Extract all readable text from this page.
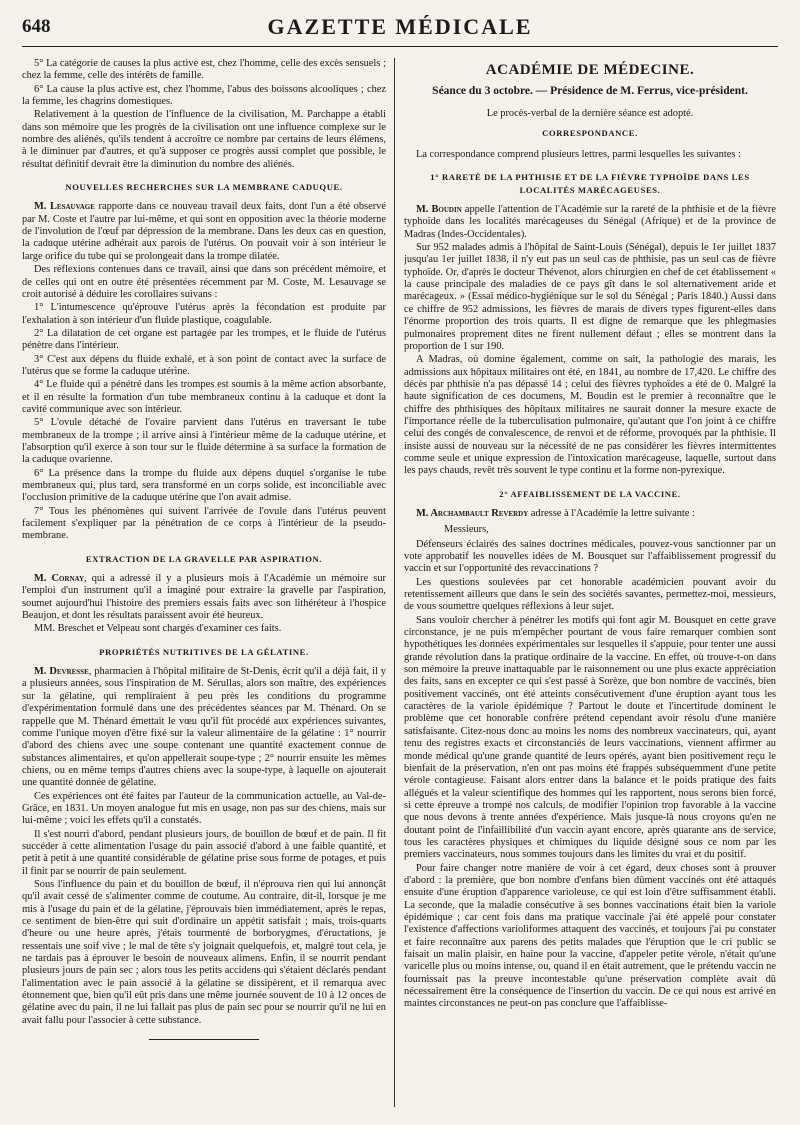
648	GAZETTE MÉDICALE

5° La catégorie de causes la plus active est, chez l'homme, celle des excès sensuels ; chez la femme, celle des intérêts de famille.

6° La cause la plus active est, chez l'homme, l'abus des boissons alcooliques ; chez la femme, les chagrins domestiques.

Relativement à la question de l'influence de la civilisation, M. Parchappe a établi dans son mémoire que les progrès de la civilisation ont une influence complexe sur le nombre des aliénés, qu'ils tendent à accroître ce nombre par certains de leurs élémens, à le diminuer par d'autres, et qu'à supposer ce progrès aussi complet que possible, le résultat définitif devrait être la diminution du nombre des aliénés.

NOUVELLES RECHERCHES SUR LA MEMBRANE CADUQUE.

M. Lesauvage rapporte dans ce nouveau travail deux faits, dont l'un a été observé par M. Coste et l'autre par lui-même, et qui sont en opposition avec la théorie moderne de l'involution de l'œuf par dépression de la membrane. Dans les deux cas en question, la caduque utérine adhérait aux parois de l'utérus. On pouvait voir à son intérieur le large orifice du tube qui se prolongeait dans la trompe dilatée.

Des réflexions contenues dans ce travail, ainsi que dans son précédent mémoire, et de celles qui ont en outre été présentées récemment par M. Coste, M. Lesauvage se croit autorisé à déduire les corollaires suivans :

1° L'intumescence qu'éprouve l'utérus après la fécondation est produite par l'exhalation à son intérieur d'un fluide plastique, coagulable.

2° La dilatation de cet organe est partagée par les trompes, et le fluide de l'utérus pénètre dans l'intérieur.

3° C'est aux dépens du fluide exhalé, et à son point de contact avec la surface de l'utérus que se forme la caduque utérine.

4° Le fluide qui a pénétré dans les trompes est soumis à la même action absorbante, et il en résulte la formation d'un tube membraneux continu à la caduque et dont la cavité communique avec son intérieur.

5° L'ovule détaché de l'ovaire parvient dans l'utérus en traversant le tube membraneux de la trompe ; il arrive ainsi à l'intérieur même de la caduque utérine, et l'absorption qu'il exerce à son tour sur le fluide détermine à sa surface la formation de la caduque ovarienne.

6° La présence dans la trompe du fluide aux dépens duquel s'organise le tube membraneux qui, plus tard, sera transformé en un corps solide, est inconciliable avec l'occlusion primitive de la caduque utérine que l'on avait admise.

7° Tous les phénomènes qui suivent l'arrivée de l'ovule dans l'utérus peuvent facilement s'expliquer par la pénétration de ce corps à l'intérieur de la pseudo-membrane.

EXTRACTION DE LA GRAVELLE PAR ASPIRATION.

M. Cornay, qui a adressé il y a plusieurs mois à l'Académie un mémoire sur l'emploi d'un instrument qu'il a imaginé pour extraire la gravelle par l'aspiration, soumet aujourd'hui l'histoire des premiers essais faits avec son lithéréteur à l'hospice Beaujon, et dont les résultats paraissent avoir été heureux.

MM. Breschet et Velpeau sont chargés d'examiner ces faits.

PROPRIÉTÉS NUTRITIVES DE LA GÉLATINE.

M. Devresse, pharmacien à l'hôpital militaire de St-Denis, écrit qu'il a déjà fait, il y a plusieurs années, sous l'inspiration de M. Sérullas, alors son maître, des expériences sur la gélatine, qui rempliraient à peu près les conditions du programme d'expérimentation formulé dans une des précédentes séances par M. Thénard. On se rappelle que M. Thénard émettait le vœu qu'il fût procédé aux expériences suivantes, comme l'unique moyen d'être fixé sur la valeur alimentaire de la gélatine : 1° nourrir d'abord des chiens avec une soupe contenant une quantité exactement connue de substances alimentaires, et qu'on appellerait soupe-type ; 2° nourrir ensuite les mêmes chiens, ou en même temps d'autres chiens avec la soupe-type, à laquelle on ajouterait une quantité donnée de gélatine.

Ces expériences ont été faites par l'auteur de la communication actuelle, au Val-de-Grâce, en 1831. Un moyen analogue fut mis en usage, non pas sur des chiens, mais sur lui-même ; voici les effets qu'il a constatés.

Il s'est nourri d'abord, pendant plusieurs jours, de bouillon de bœuf et de pain. Il fit succéder à cette alimentation l'usage du pain associé d'abord à une faible quantité, et petit à petit à une quantité considérable de gélatine prise sous forme de potages, et puis il finit par se nourrir de pain seulement.

Sous l'influence du pain et du bouillon de bœuf, il n'éprouva rien qui lui annonçât qu'il avait cessé de s'alimenter comme de coutume. Au contraire, dit-il, lorsque je me mis à l'usage du pain et de la gélatine, j'éprouvais bien immédiatement, après le repas, ce sentiment de bien-être qui suit d'ordinaire un appétit satisfait ; mais, trois-quarts d'heure ou une heure après, j'étais tourmenté de borborygmes, d'éructations, je ressentais une soif vive ; le mal de tête s'y joignait quelquefois, et, malgré tout cela, je ne tardais pas à éprouver le besoin de nouveaux alimens. Enfin, il se nourrit pendant plusieurs jours de pain sec ; alors tous les petits accidens qui s'étaient déclarés pendant l'alimentation avec le pain associé à la gélatine se dissipèrent, et il remarqua avec étonnement que, bien qu'il eût pris dans une même journée souvent de 10 à 12 onces de gélatine avec du pain, il ne lui fallait pas plus de pain sec pour se nourrir qu'il ne lui en avait fallu pour l'associer à cette substance.

ACADÉMIE DE MÉDECINE.
Séance du 3 octobre. — Présidence de M. Ferrus, vice-président.
Le procès-verbal de la dernière séance est adopté.
CORRESPONDANCE.

La correspondance comprend plusieurs lettres, parmi lesquelles les suivantes :

1° RARETÉ DE LA PHTHISIE ET DE LA FIÈVRE TYPHOÏDE DANS LES LOCALITÉS MARÉCAGEUSES.

M. Boudin appelle l'attention de l'Académie sur la rareté de la phthisie et de la fièvre typhoïde dans les localités marécageuses du Sénégal (Afrique) et de la province de Madras (Indes-Occidentales).

Sur 952 malades admis à l'hôpital de Saint-Louis (Sénégal), depuis le 1er juillet 1837 jusqu'au 1er juillet 1838, il n'y eut pas un seul cas de phthisie, pas un seul cas de fièvre typhoïde. Or, d'après le docteur Thévenot, alors chirurgien en chef de cet établissement « la cause principale des maladies de ce pays gît dans le sol alternativement aride et marécageux. » (Essai médico-hygiénique sur le sol du Sénégal ; Paris 1840.) Aussi dans ce chiffre de 952 admissions, les fièvres de marais de divers types figurent-elles dans l'énorme proportion des trois quarts. Il est digne de remarque que les phlegmasies pulmonaires proprement dites ne firent nullement défaut ; elles se montrent dans la proportion de 1 sur 190.

A Madras, où domine également, comme on sait, la pathologie des marais, les admissions aux hôpitaux militaires ont été, en 1841, au nombre de 17,420. Le chiffre des décès par phthisie n'a pas dépassé 14 ; celui des fièvres typhoïdes a été de 0. Malgré la haute signification de ces documens, M. Boudin est le premier à reconnaître que le chiffre des phthisiques des hôpitaux militaires ne saurait donner la mesure exacte de l'importance réelle de la tuberculisation pulmonaire, qu'autant que l'on joint à ce chiffre celui des congés de convalescence, de renvoi et de réforme, provoqués par la phthisie. Il insiste aussi de nouveau sur la nécessité de ne pas considérer les fièvres intermittentes comme seule et unique expression de l'intoxication marécageuse, laquelle, surtout dans les pays chauds, revêt très souvent le type continu et la forme non-pyrexique.

2° AFFAIBLISSEMENT DE LA VACCINE.

M. Archambault Reverdy adresse à l'Académie la lettre suivante :

Messieurs,

Défenseurs éclairés des saines doctrines médicales, pouvez-vous sanctionner par un vote approbatif les nouvelles idées de M. Bousquet sur l'affaiblissement progressif du vaccin et sur l'opportunité des revaccinations ?

Les questions soulevées par cet honorable académicien pouvant avoir du retentissement ailleurs que dans le sein des sociétés savantes, permettez-moi, messieurs, de vous soumettre quelques réflexions à leur sujet.

Sans vouloir chercher à pénétrer les motifs qui font agir M. Bousquet en cette grave circonstance, je ne puis m'empêcher pourtant de vous faire remarquer combien sont hypothétiques les données expérimentales sur lesquelles il s'appuie, pour tenter une aussi grande révolution dans la pratique ordinaire de la vaccine. En effet, où trouve-t-on dans son mémoire la preuve inattaquable par le raisonnement ou une plus exacte appréciation des faits, sans en excepter ce qui s'est passé à Sorèze, que bon nombre de vaccinés, bien positivement vaccinés, ont été atteints consécutivement d'une éruption ayant tous les caractères de la variole épidémique ? Partout le doute et l'incertitude dominent le problème que cet honorable confrère prétend cependant avoir résolu d'une manière satisfaisante. Citez-nous donc au moins les noms des nombreux vaccinateurs, qui, ayant tenu des registres exacts et circonstanciés de leurs vaccinations, viennent affirmer au monde médical qu'une grande quantité de leurs opérés, ayant bien positivement reçu le bienfait de la préservation, n'en ont pas moins été frappés subséquemment d'une petite vérole contagieuse. Faisant alors entrer dans la balance et le poids pratique des faits allégués et la valeur scientifique des hommes qui les rapportent, nous serons bien forcé, si cette épreuve a trompé nos calculs, de modifier l'opinion trop favorable à la vaccine que nous devons à trente années d'expérience. Mais jusque-là nous croyons qu'en ne doutant point de l'infaillibilité d'un vaccin ayant encore, après quarante ans de service, tous les caractères physiques et chimiques du liquide désigné sous ce nom par les premiers vaccinateurs, nous sommes toujours dans les limites du vrai et du positif.

Pour faire changer notre manière de voir à cet égard, deux choses sont à prouver d'abord : la première, que bon nombre d'enfans bien dûment vaccinés ont été attaqués ensuite d'une éruption d'apparence varioleuse, ce qui est loin d'être suffisamment établi. La seconde, que la maladie consécutive à ses bonnes vaccinations était bien la variole épidémique ; car cent fois dans ma pratique vaccinale j'ai été appelé pour constater l'existence d'affections varioliformes attaquent des vaccinés, et toujours j'ai pu constater et faire reconnaître aux parens des petits malades que l'éruption que le cri public se faisait un malin plaisir, en haine pour la vaccine, d'appeler petite vérole, n'était qu'une varicelle plus ou moins intense, ou, quand il en était autrement, que le prétendu vaccin ne fournissait pas la preuve incontestable qu'une préservation complète avait dû nécessairement être la conséquence de l'insertion du vaccin. De ce qui nous est arrivé en maintes circonstances ne peut-on pas conclure que l'affaiblisse-
